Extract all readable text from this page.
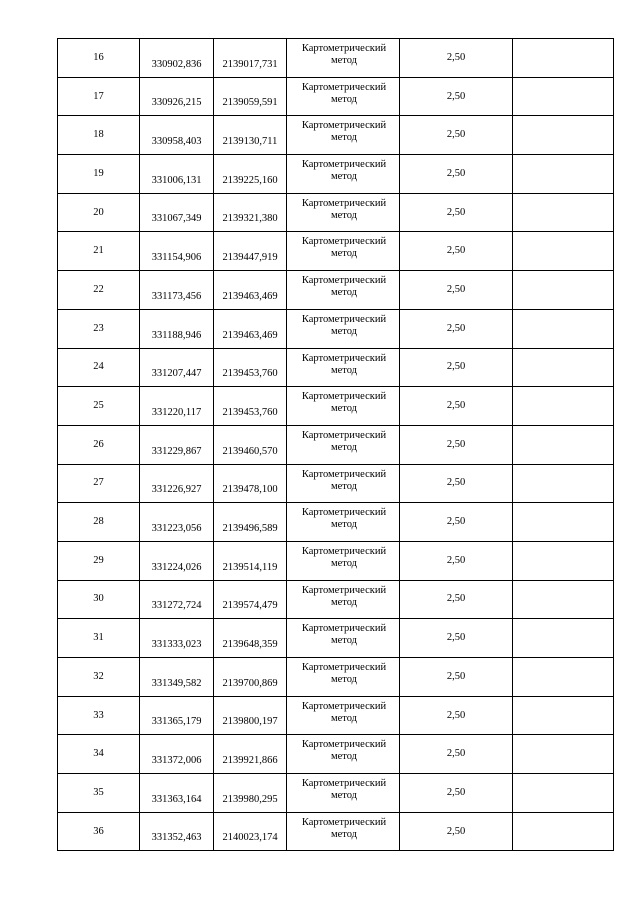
16	330902,836	2139017,731	Картометрический метод	2,50	
17	330926,215	2139059,591	Картометрический метод	2,50	
18	330958,403	2139130,711	Картометрический метод	2,50	
19	331006,131	2139225,160	Картометрический метод	2,50	
20	331067,349	2139321,380	Картометрический метод	2,50	
21	331154,906	2139447,919	Картометрический метод	2,50	
22	331173,456	2139463,469	Картометрический метод	2,50	
23	331188,946	2139463,469	Картометрический метод	2,50	
24	331207,447	2139453,760	Картометрический метод	2,50	
25	331220,117	2139453,760	Картометрический метод	2,50	
26	331229,867	2139460,570	Картометрический метод	2,50	
27	331226,927	2139478,100	Картометрический метод	2,50	
28	331223,056	2139496,589	Картометрический метод	2,50	
29	331224,026	2139514,119	Картометрический метод	2,50	
30	331272,724	2139574,479	Картометрический метод	2,50	
31	331333,023	2139648,359	Картометрический метод	2,50	
32	331349,582	2139700,869	Картометрический метод	2,50	
33	331365,179	2139800,197	Картометрический метод	2,50	
34	331372,006	2139921,866	Картометрический метод	2,50	
35	331363,164	2139980,295	Картометрический метод	2,50	
36	331352,463	2140023,174	Картометрический метод	2,50	
